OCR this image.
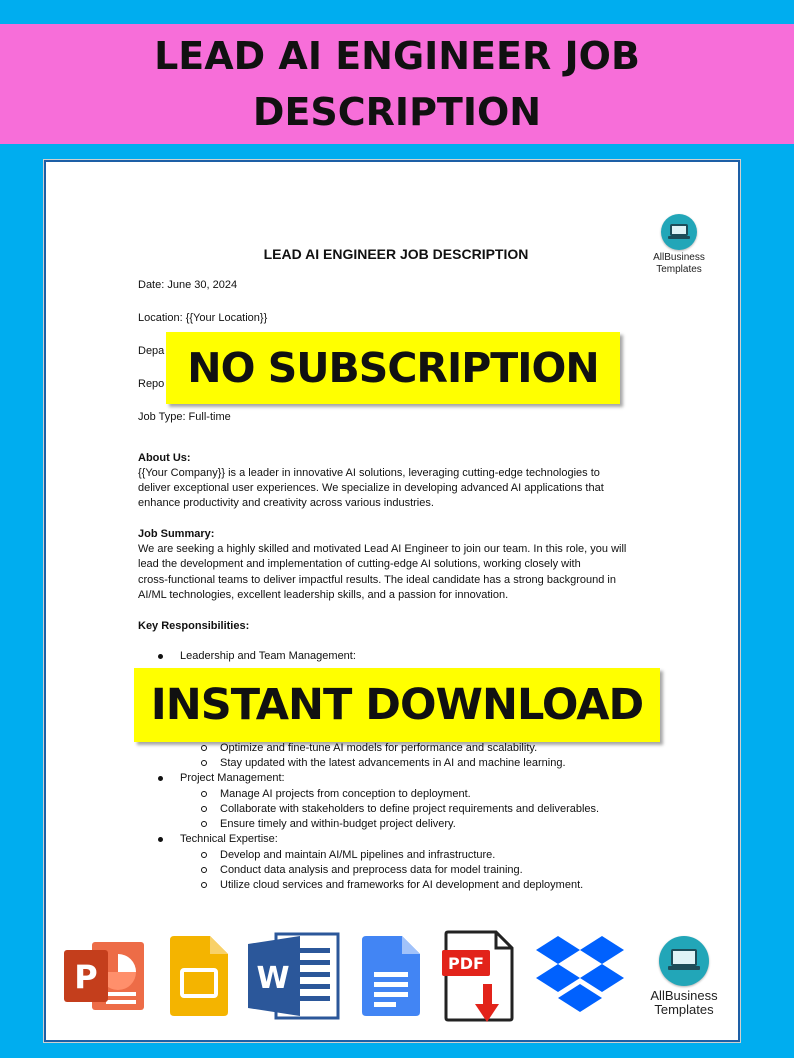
LEAD AI ENGINEER JOB DESCRIPTION
AllBusiness
Templates
LEAD AI ENGINEER JOB DESCRIPTION
Date: June 30, 2024
Location: {{Your Location}}
Depa
Repo
Job Type: Full-time
About Us:
{{Your Company}} is a leader in innovative AI solutions, leveraging cutting-edge technologies to
deliver exceptional user experiences. We specialize in developing advanced AI applications that
enhance productivity and creativity across various industries.
Job Summary:
We are seeking a highly skilled and motivated Lead AI Engineer to join our team. In this role, you will
lead the development and implementation of cutting-edge AI solutions, working closely with
cross-functional teams to deliver impactful results. The ideal candidate has a strong background in
AI/ML technologies, excellent leadership skills, and a passion for innovation.
Key Responsibilities:
Leadership and Team Management:
Optimize and fine-tune AI models for performance and scalability.
Stay updated with the latest advancements in AI and machine learning.
Project Management:
Manage AI projects from conception to deployment.
Collaborate with stakeholders to define project requirements and deliverables.
Ensure timely and within-budget project delivery.
Technical Expertise:
Develop and maintain AI/ML pipelines and infrastructure.
Conduct data analysis and preprocess data for model training.
Utilize cloud services and frameworks for AI development and deployment.
NO SUBSCRIPTION
INSTANT DOWNLOAD
P	W	PDF
AllBusiness
Templates
